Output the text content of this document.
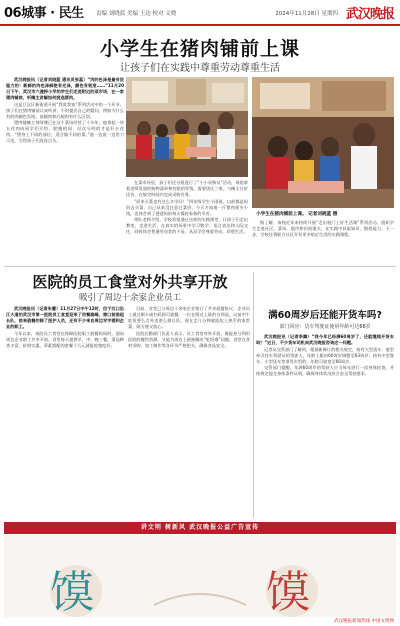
06城事 · 民生 责编 刘晓蓝 美编 王达 校对 文晓	2024年11月28日 星期四 武汉晚报
小学生在猪肉铺前上课
让孩子们在实践中尊重劳动尊重生活

武汉晚报讯（记者刘晓蓝 通讯员张蕊）“肉的色泽是最有说服力的！新鲜的肉色泽鲜艳有光泽，颜色有韧度……”11月20日下午，武汉市六渡桥小学的学生们走进附近的菜市场，在一家猪肉铺前，听摊主讲解如何挑选猪肉。

这是江汉区新街道开展“我爱我家”系列活动中的一个环节。孩子们在猪肉铺前认真听讲，不时提出自己的疑问，例如为什么有的肉颜色发暗、前腿肉和后腿肉有什么区别。

猪肉铺摊主刘师傅已在这个菜场经营了十多年，他拿起一块五花肉向同学们介绍，肥瘦相间、层次分明的才是好五花肉。“猪身上不同的部位，适合做不同的菜。”他一边说一边用刀示范，引得孩子们连连点头。

在菜市场里，孩子们还分组进行了“小小采购员”活动，每组拿着老师发放的购物清单和有限的零钱，需要货比三家、与摊主讨价还价，在规定时间内完成采购任务。

“原来买菜也有这么多学问！”四年级学生小雨说，以前都是妈妈去买菜，自己从来没注意过菜价，今天才知道一斤猪肉要多少钱，也体会到了爸爸妈妈每天操持家务的辛苦。

带队老师介绍，学校希望通过这样的实践课堂，让孩子们走出教室、走进生活，在真实的场景中学习数学、语言表达和人际交往，同时体会普通劳动者的不易，从而学会尊重劳动、珍惜生活。

小学生在猪肉铺前上课。 记者刘晓蓝 摄

据了解，该校近年来持续开展“走出校门上好生活课”系列活动，组织学生走进社区、菜场、超市和田间地头，在实践中获取知识、锻炼能力。下一步，学校还将联合社区开发更多贴近生活的实践课程。

医院的员工食堂对外共享开放
吸引了周边十余家企业员工

武汉晚报讯（记者朱蕾）11月27日中午12时，位于汉口沿江大道的武汉市第一医院员工食堂迎来了用餐高峰，窗口前排起长队，前来就餐的除了医护人员，还有不少来自周边写字楼和企业的职工。

今年以来，该院员工食堂在保障医院职工就餐的同时，面向周边企业职工共享开放。食堂每天提供早、中、晚三餐，菜品种类丰富，价格实惠，荤素搭配的套餐十几元就能吃饱吃好。

目前，食堂已与周边十余家企业签订了共享就餐协议，企业员工通过刷卡或扫码即可就餐。一位在附近上班的白领说，以前中午吃饭要么点外卖要么排长队，现在走几分钟就能吃上热乎的家常菜，既方便又放心。

医院后勤部门负责人表示，员工食堂对外开放，既能充分利用医院的餐饮资源，又能为周边上班族解决“吃饭难”问题。食堂在食材采购、加工制作等各环节严格把关，确保食品安全。

满60周岁后还能开货车吗?
部门回应：货车驾驶证使用年龄可达66岁

武汉晚报讯（记者李腾）“我今年已经满60周岁了，还能继续开货车吗？”近日，不少货车司机向武汉晚报咨询这一问题。

记者从交管部门了解到，根据新修订的相关规定，持有大型货车、重型牵引挂车驾驶证的驾驶人，年龄上限由60周岁调整至63周岁；持有中型客车、小型货车等准驾车型的，年龄可放宽至66周岁。

交管部门提醒，年满60周岁的驾驶人应当每年进行一次身体检查，并按规定提交身体条件证明，确保身体状况符合安全驾驶要求。

讲文明 树新风 武汉晚报公益广告宣传
馍	馍
武汉晚报新闻热线 中国文明网
